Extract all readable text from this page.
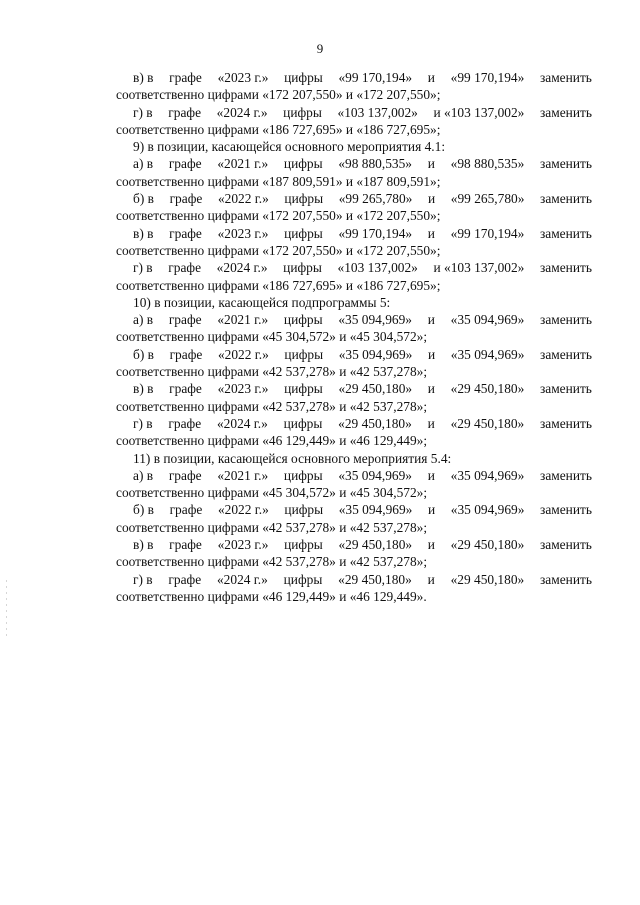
9
в) в графе «2023 г.» цифры «99 170,194» и «99 170,194» заменить
соответственно цифрами «172 207,550» и «172 207,550»;
г) в графе «2024 г.» цифры «103 137,002» и «103 137,002» заменить
соответственно цифрами «186 727,695» и «186 727,695»;
9) в позиции, касающейся основного мероприятия 4.1:
а) в графе «2021 г.» цифры «98 880,535» и «98 880,535» заменить
соответственно цифрами «187 809,591» и «187 809,591»;
б) в графе «2022 г.» цифры «99 265,780» и «99 265,780» заменить
соответственно цифрами «172 207,550» и «172 207,550»;
в) в графе «2023 г.» цифры «99 170,194» и «99 170,194» заменить
соответственно цифрами «172 207,550» и «172 207,550»;
г) в графе «2024 г.» цифры «103 137,002» и «103 137,002» заменить
соответственно цифрами «186 727,695» и «186 727,695»;
10) в позиции, касающейся подпрограммы 5:
а) в графе «2021 г.» цифры «35 094,969» и «35 094,969» заменить
соответственно цифрами «45 304,572» и «45 304,572»;
б) в графе «2022 г.» цифры «35 094,969» и «35 094,969» заменить
соответственно цифрами «42 537,278» и «42 537,278»;
в) в графе «2023 г.» цифры «29 450,180» и «29 450,180» заменить
соответственно цифрами «42 537,278» и «42 537,278»;
г) в графе «2024 г.» цифры «29 450,180» и «29 450,180» заменить
соответственно цифрами «46 129,449» и «46 129,449»;
11) в позиции, касающейся основного мероприятия 5.4:
а) в графе «2021 г.» цифры «35 094,969» и «35 094,969» заменить
соответственно цифрами «45 304,572» и «45 304,572»;
б) в графе «2022 г.» цифры «35 094,969» и «35 094,969» заменить
соответственно цифрами «42 537,278» и «42 537,278»;
в) в графе «2023 г.» цифры «29 450,180» и «29 450,180» заменить
соответственно цифрами «42 537,278» и «42 537,278»;
г) в графе «2024 г.» цифры «29 450,180» и «29 450,180» заменить
соответственно цифрами «46 129,449» и «46 129,449».
